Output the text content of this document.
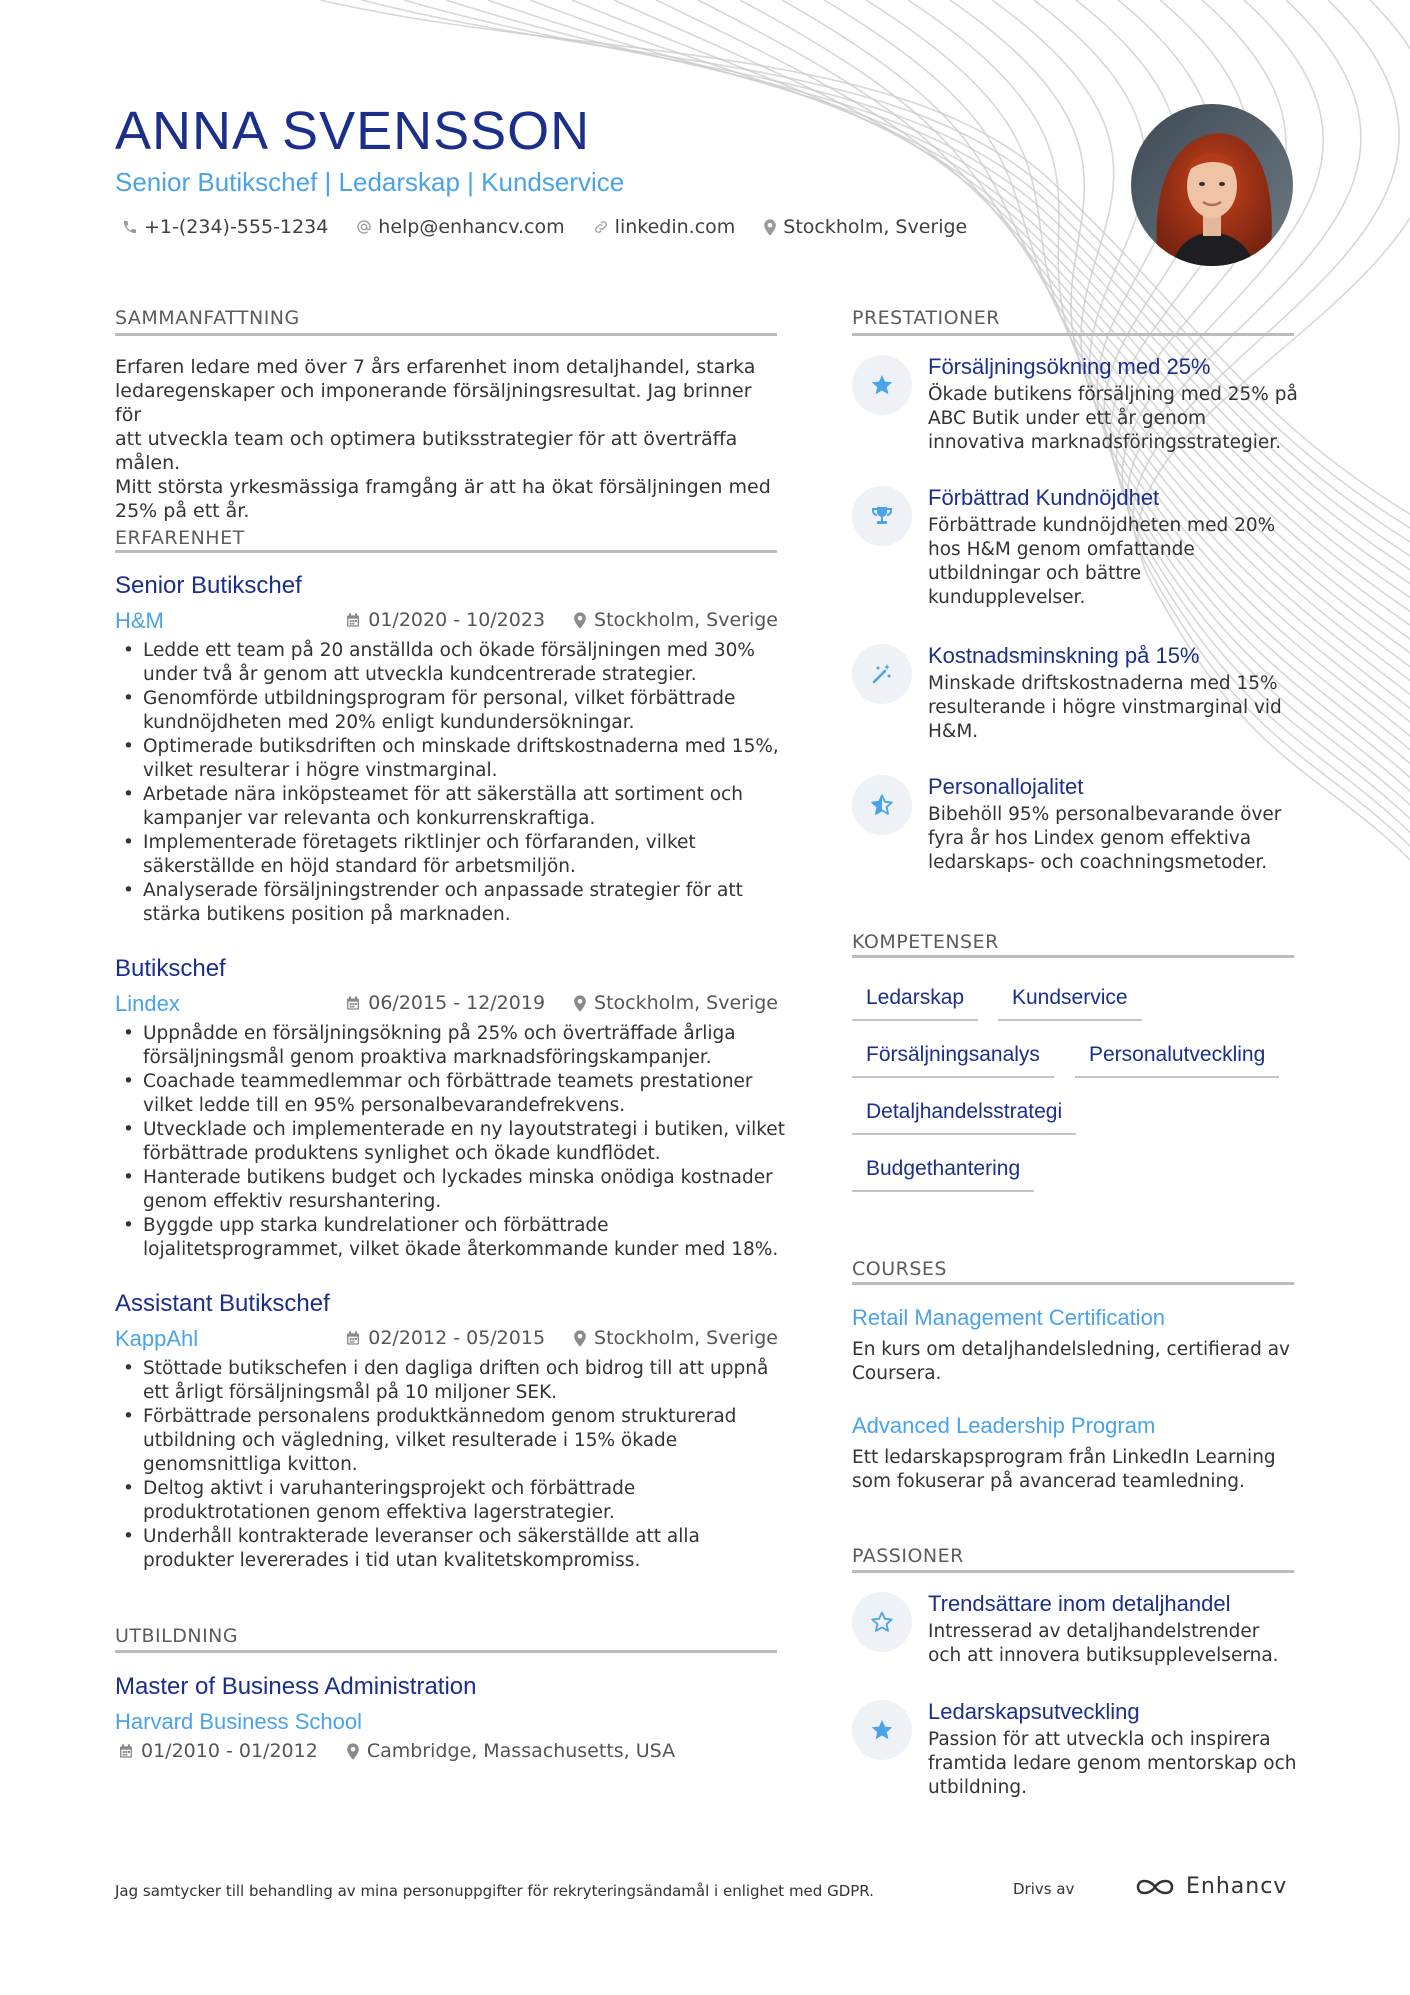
ANNA SVENSSON
Senior Butikschef | Ledarskap | Kundservice
+1-(234)-555-1234	help@enhancv.com	linkedin.com	Stockholm, Sverige
SAMMANFATTNING
Erfaren ledare med över 7 års erfarenhet inom detaljhandel, starka
ledaregenskaper och imponerande försäljningsresultat. Jag brinner för
att utveckla team och optimera butiksstrategier för att överträffa målen.
Mitt största yrkesmässiga framgång är att ha ökat försäljningen med
25% på ett år.
ERFARENHET
Senior Butikschef
H&M	01/2020 - 10/2023	Stockholm, Sverige
• Ledde ett team på 20 anställda och ökade försäljningen med 30%
under två år genom att utveckla kundcentrerade strategier.
• Genomförde utbildningsprogram för personal, vilket förbättrade
kundnöjdheten med 20% enligt kundundersökningar.
• Optimerade butiksdriften och minskade driftskostnaderna med 15%,
vilket resulterar i högre vinstmarginal.
• Arbetade nära inköpsteamet för att säkerställa att sortiment och
kampanjer var relevanta och konkurrenskraftiga.
• Implementerade företagets riktlinjer och förfaranden, vilket
säkerställde en höjd standard för arbetsmiljön.
• Analyserade försäljningstrender och anpassade strategier för att
stärka butikens position på marknaden.
Butikschef
Lindex	06/2015 - 12/2019	Stockholm, Sverige
• Uppnådde en försäljningsökning på 25% och överträffade årliga
försäljningsmål genom proaktiva marknadsföringskampanjer.
• Coachade teammedlemmar och förbättrade teamets prestationer
vilket ledde till en 95% personalbevarandefrekvens.
• Utvecklade och implementerade en ny layoutstrategi i butiken, vilket
förbättrade produktens synlighet och ökade kundflödet.
• Hanterade butikens budget och lyckades minska onödiga kostnader
genom effektiv resurshantering.
• Byggde upp starka kundrelationer och förbättrade
lojalitetsprogrammet, vilket ökade återkommande kunder med 18%.
Assistant Butikschef
KappAhl	02/2012 - 05/2015	Stockholm, Sverige
• Stöttade butikschefen i den dagliga driften och bidrog till att uppnå
ett årligt försäljningsmål på 10 miljoner SEK.
• Förbättrade personalens produktkännedom genom strukturerad
utbildning och vägledning, vilket resulterade i 15% ökade
genomsnittliga kvitton.
• Deltog aktivt i varuhanteringsprojekt och förbättrade
produktrotationen genom effektiva lagerstrategier.
• Underhåll kontrakterade leveranser och säkerställde att alla
produkter levererades i tid utan kvalitetskompromiss.
UTBILDNING
Master of Business Administration
Harvard Business School
01/2010 - 01/2012	Cambridge, Massachusetts, USA
PRESTATIONER
Försäljningsökning med 25%
Ökade butikens försäljning med 25% på
ABC Butik under ett år genom
innovativa marknadsföringsstrategier.
Förbättrad Kundnöjdhet
Förbättrade kundnöjdheten med 20%
hos H&M genom omfattande
utbildningar och bättre
kundupplevelser.
Kostnadsminskning på 15%
Minskade driftskostnaderna med 15%
resulterande i högre vinstmarginal vid
H&M.
Personallojalitet
Bibehöll 95% personalbevarande över
fyra år hos Lindex genom effektiva
ledarskaps- och coachningsmetoder.
KOMPETENSER
Ledarskap	Kundservice
Försäljningsanalys	Personalutveckling
Detaljhandelsstrategi
Budgethantering
COURSES
Retail Management Certification
En kurs om detaljhandelsledning, certifierad av
Coursera.
Advanced Leadership Program
Ett ledarskapsprogram från LinkedIn Learning
som fokuserar på avancerad teamledning.
PASSIONER
Trendsättare inom detaljhandel
Intresserad av detaljhandelstrender
och att innovera butiksupplevelserna.
Ledarskapsutveckling
Passion för att utveckla och inspirera
framtida ledare genom mentorskap och
utbildning.
Jag samtycker till behandling av mina personuppgifter för rekryteringsändamål i enlighet med GDPR.	Drivs av	Enhancv
